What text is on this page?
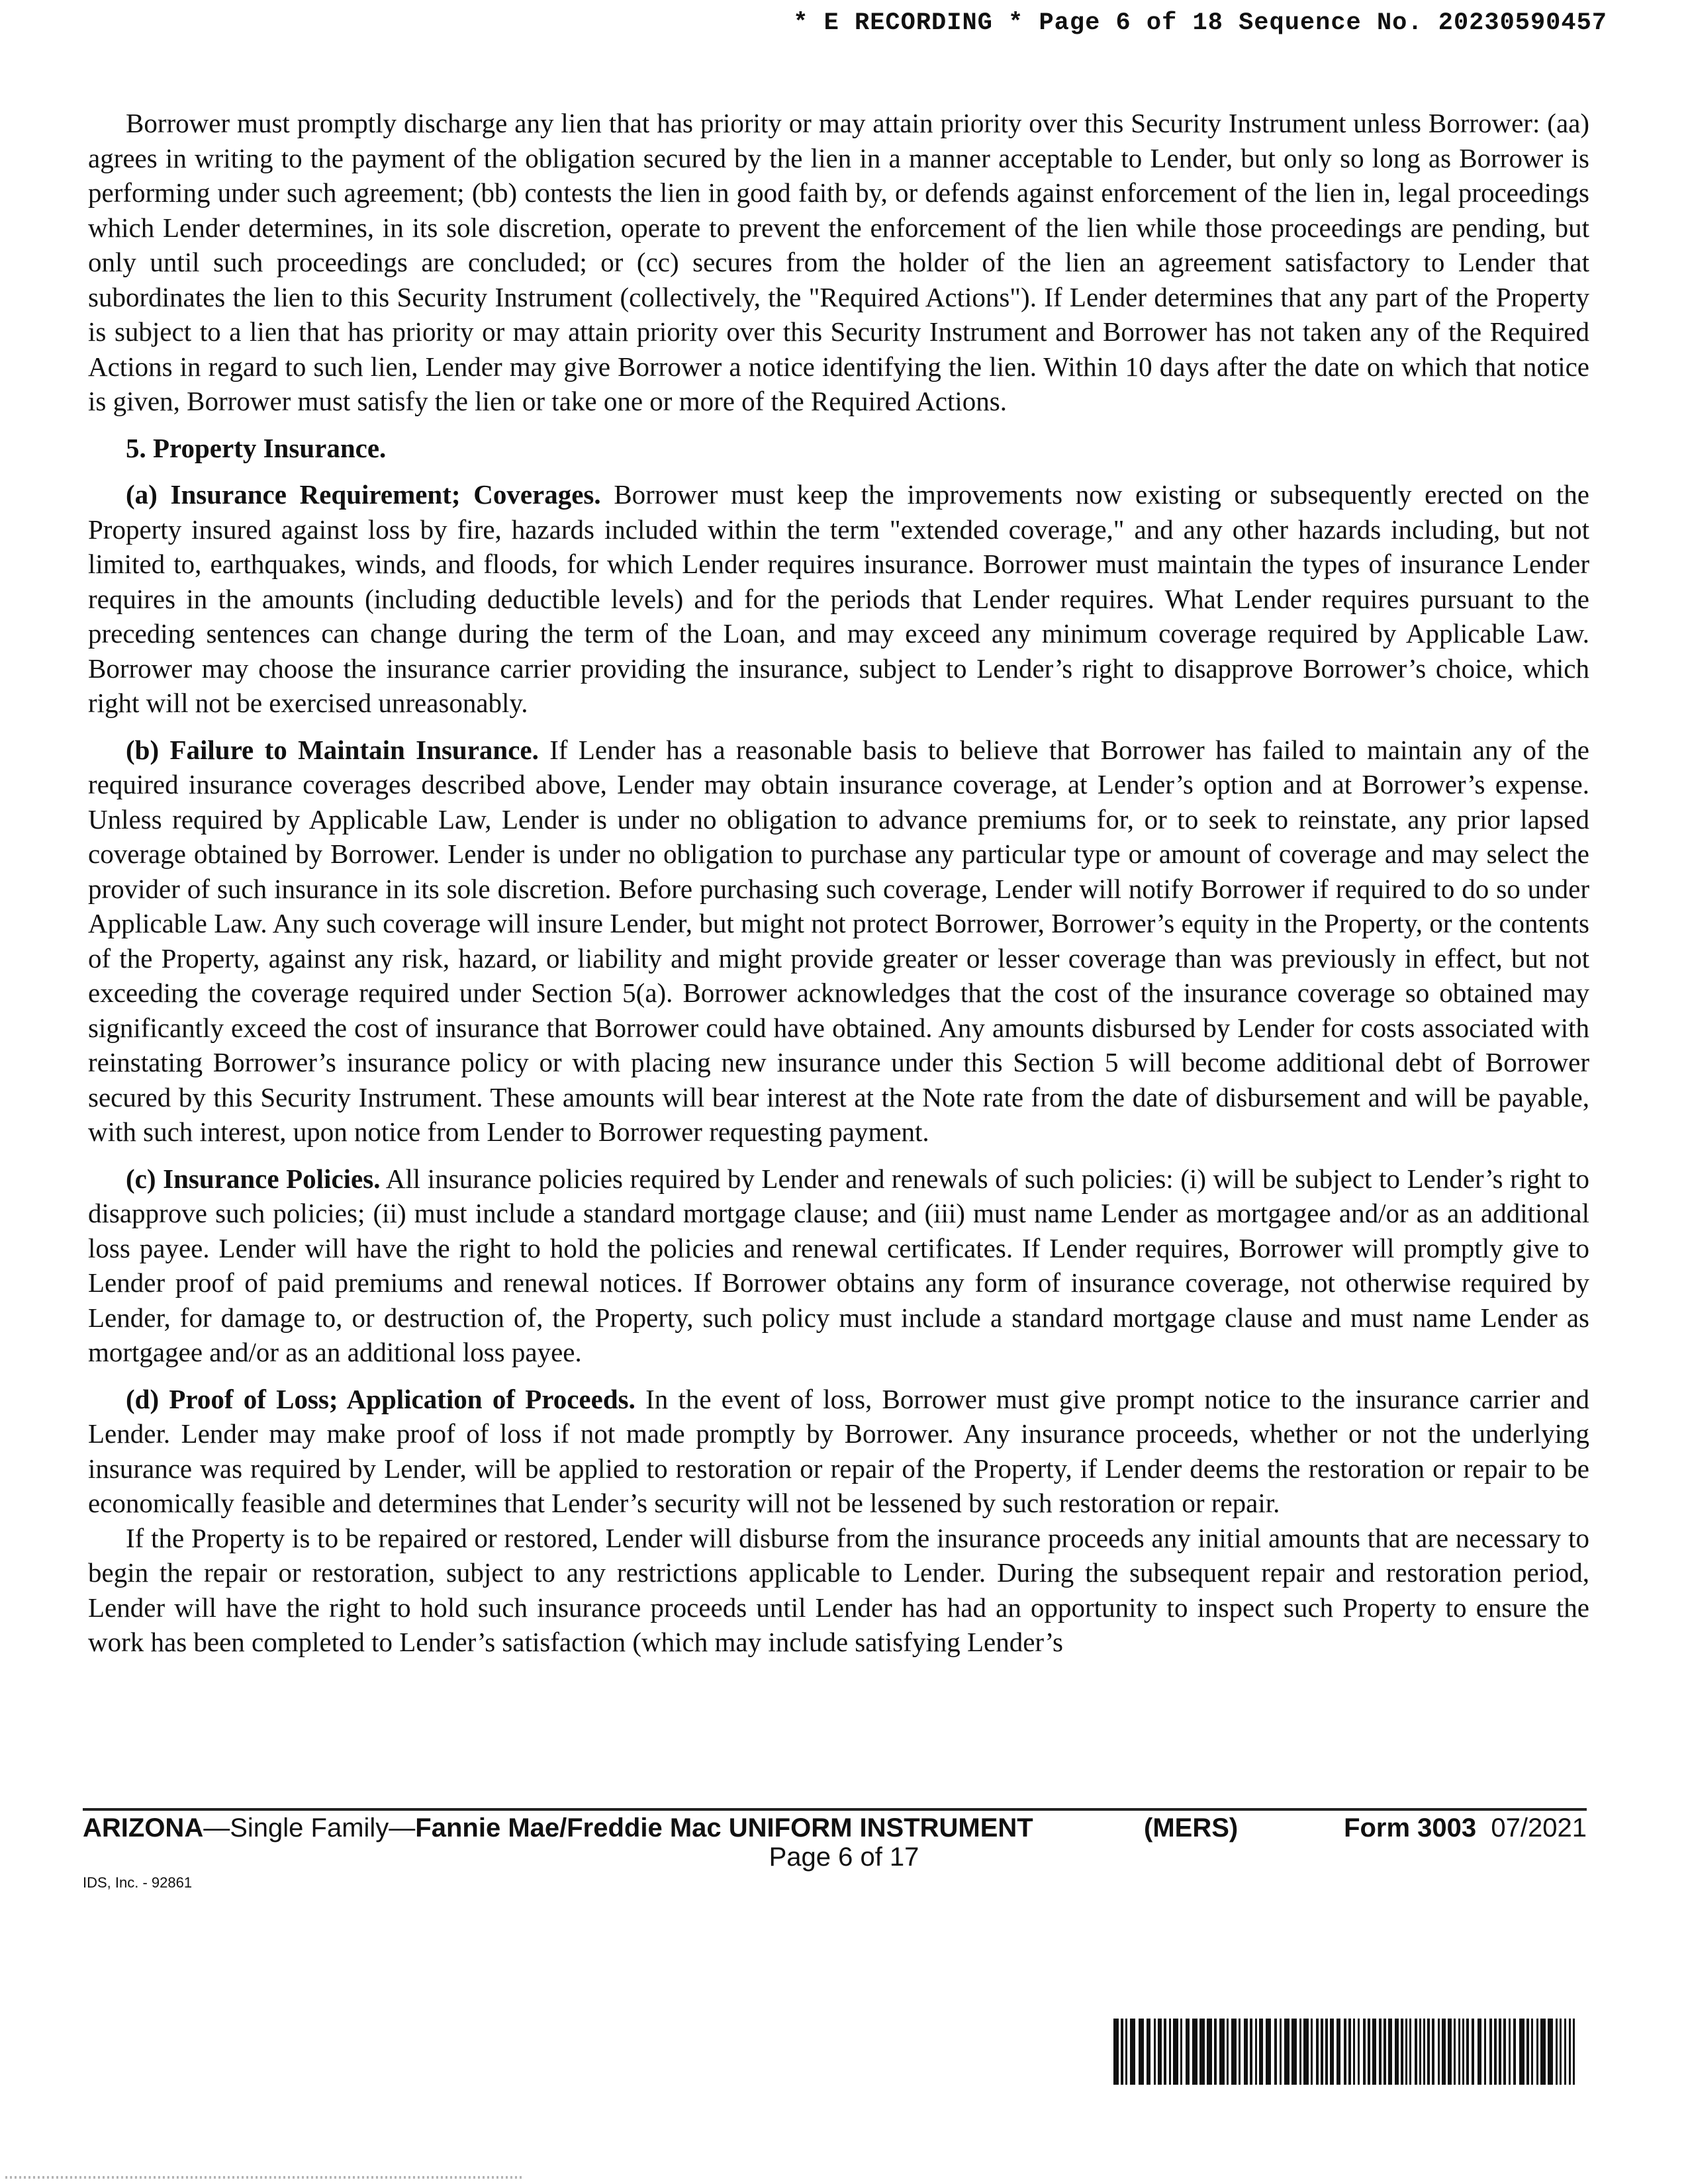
* E RECORDING * Page 6 of 18 Sequence No. 20230590457

Borrower must promptly discharge any lien that has priority or may attain priority over this Security Instrument unless Borrower: (aa) agrees in writing to the payment of the obligation secured by the lien in a manner acceptable to Lender, but only so long as Borrower is performing under such agreement; (bb) contests the lien in good faith by, or defends against enforcement of the lien in, legal proceedings which Lender determines, in its sole discretion, operate to prevent the enforcement of the lien while those proceedings are pending, but only until such proceedings are concluded; or (cc) secures from the holder of the lien an agreement satisfactory to Lender that subordinates the lien to this Security Instrument (collectively, the "Required Actions"). If Lender determines that any part of the Property is subject to a lien that has priority or may attain priority over this Security Instrument and Borrower has not taken any of the Required Actions in regard to such lien, Lender may give Borrower a notice identifying the lien. Within 10 days after the date on which that notice is given, Borrower must satisfy the lien or take one or more of the Required Actions.

5. Property Insurance.

(a) Insurance Requirement; Coverages. Borrower must keep the improvements now existing or subsequently erected on the Property insured against loss by fire, hazards included within the term "extended coverage," and any other hazards including, but not limited to, earthquakes, winds, and floods, for which Lender requires insurance. Borrower must maintain the types of insurance Lender requires in the amounts (including deductible levels) and for the periods that Lender requires. What Lender requires pursuant to the preceding sentences can change during the term of the Loan, and may exceed any minimum coverage required by Applicable Law. Borrower may choose the insurance carrier providing the insurance, subject to Lender’s right to disapprove Borrower’s choice, which right will not be exercised unreasonably.

(b) Failure to Maintain Insurance. If Lender has a reasonable basis to believe that Borrower has failed to maintain any of the required insurance coverages described above, Lender may obtain insurance coverage, at Lender’s option and at Borrower’s expense. Unless required by Applicable Law, Lender is under no obligation to advance premiums for, or to seek to reinstate, any prior lapsed coverage obtained by Borrower. Lender is under no obligation to purchase any particular type or amount of coverage and may select the provider of such insurance in its sole discretion. Before purchasing such coverage, Lender will notify Borrower if required to do so under Applicable Law. Any such coverage will insure Lender, but might not protect Borrower, Borrower’s equity in the Property, or the contents of the Property, against any risk, hazard, or liability and might provide greater or lesser coverage than was previously in effect, but not exceeding the coverage required under Section 5(a). Borrower acknowledges that the cost of the insurance coverage so obtained may significantly exceed the cost of insurance that Borrower could have obtained. Any amounts disbursed by Lender for costs associated with reinstating Borrower’s insurance policy or with placing new insurance under this Section 5 will become additional debt of Borrower secured by this Security Instrument. These amounts will bear interest at the Note rate from the date of disbursement and will be payable, with such interest, upon notice from Lender to Borrower requesting payment.

(c) Insurance Policies. All insurance policies required by Lender and renewals of such policies: (i) will be subject to Lender’s right to disapprove such policies; (ii) must include a standard mortgage clause; and (iii) must name Lender as mortgagee and/or as an additional loss payee. Lender will have the right to hold the policies and renewal certificates. If Lender requires, Borrower will promptly give to Lender proof of paid premiums and renewal notices. If Borrower obtains any form of insurance coverage, not otherwise required by Lender, for damage to, or destruction of, the Property, such policy must include a standard mortgage clause and must name Lender as mortgagee and/or as an additional loss payee.

(d) Proof of Loss; Application of Proceeds. In the event of loss, Borrower must give prompt notice to the insurance carrier and Lender. Lender may make proof of loss if not made promptly by Borrower. Any insurance proceeds, whether or not the underlying insurance was required by Lender, will be applied to restoration or repair of the Property, if Lender deems the restoration or repair to be economically feasible and determines that Lender’s security will not be lessened by such restoration or repair.

If the Property is to be repaired or restored, Lender will disburse from the insurance proceeds any initial amounts that are necessary to begin the repair or restoration, subject to any restrictions applicable to Lender. During the subsequent repair and restoration period, Lender will have the right to hold such insurance proceeds until Lender has had an opportunity to inspect such Property to ensure the work has been completed to Lender’s satisfaction (which may include satisfying Lender’s

ARIZONA—Single Family—Fannie Mae/Freddie Mac UNIFORM INSTRUMENT	(MERS)	Form 3003 07/2021
Page 6 of 17
IDS, Inc. - 92861
